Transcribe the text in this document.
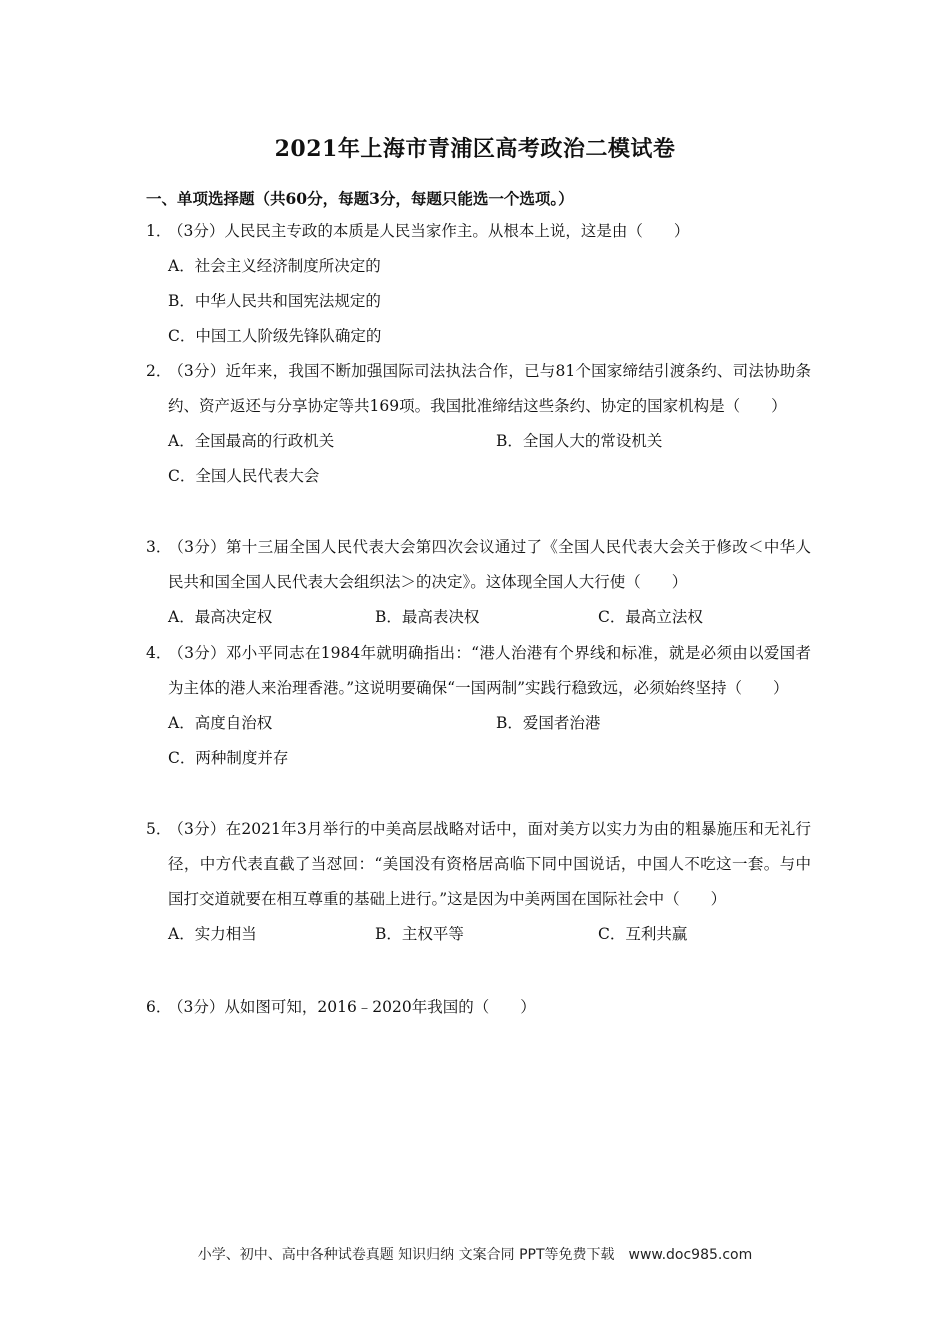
2021年上海市青浦区高考政治二模试卷
一、单项选择题（共60分，每题3分，每题只能选一个选项。）
1．（3分）人民民主专政的本质是人民当家作主。从根本上说，这是由（　　）
A．社会主义经济制度所决定的
B．中华人民共和国宪法规定的
C．中国工人阶级先锋队确定的
2．（3分）近年来，我国不断加强国际司法执法合作，已与81个国家缔结引渡条约、司法协助条约、资产返还与分享协定等共169项。我国批准缔结这些条约、协定的国家机构是（　　）
A．全国最高的行政机关	B．全国人大的常设机关
C．全国人民代表大会
3．（3分）第十三届全国人民代表大会第四次会议通过了《全国人民代表大会关于修改＜中华人民共和国全国人民代表大会组织法＞的决定》。这体现全国人大行使（　　）
A．最高决定权	B．最高表决权	C．最高立法权
4．（3分）邓小平同志在1984年就明确指出：“港人治港有个界线和标准，就是必须由以爱国者为主体的港人来治理香港。”这说明要确保“一国两制”实践行稳致远，必须始终坚持（　　）
A．高度自治权	B．爱国者治港
C．两种制度并存
5．（3分）在2021年3月举行的中美高层战略对话中，面对美方以实力为由的粗暴施压和无礼行径，中方代表直截了当怼回：“美国没有资格居高临下同中国说话，中国人不吃这一套。与中国打交道就要在相互尊重的基础上进行。”这是因为中美两国在国际社会中（　　）
A．实力相当	B．主权平等	C．互利共赢
6．（3分）从如图可知，2016﹣2020年我国的（　　）
小学、初中、高中各种试卷真题 知识归纳 文案合同 PPT等免费下载　www.doc985.com
